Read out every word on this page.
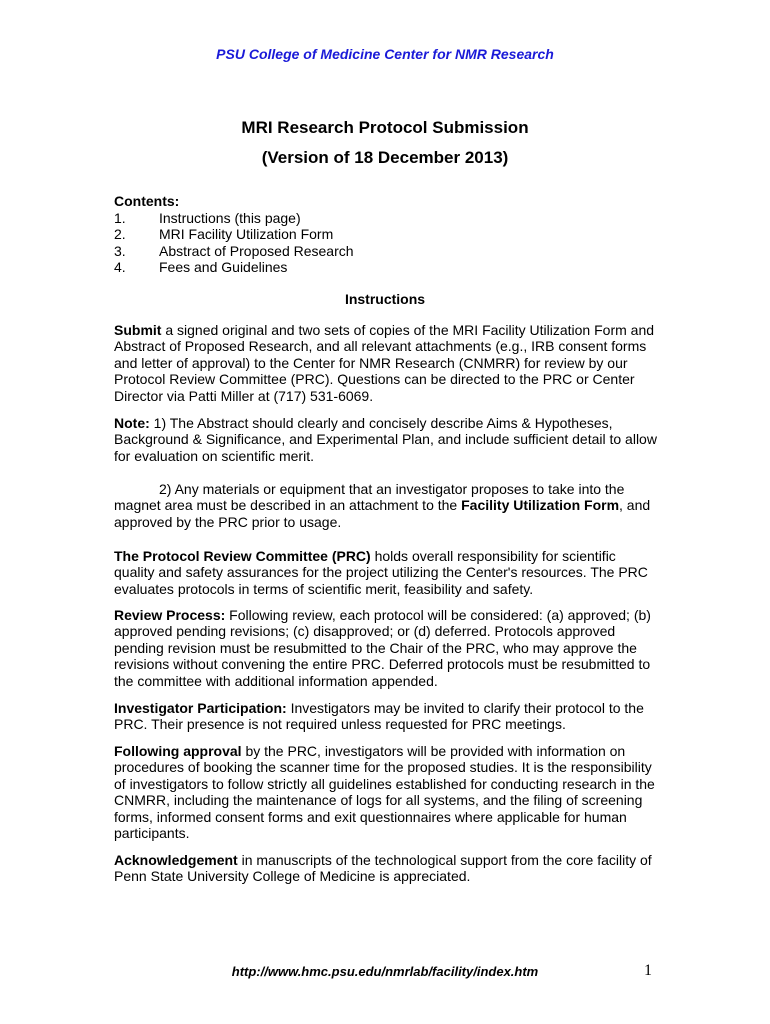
PSU College of Medicine Center for NMR Research
MRI Research Protocol Submission
(Version of 18 December 2013)
Contents:
1.	Instructions (this page)
2.	MRI Facility Utilization Form
3.	Abstract of Proposed Research
4.	Fees and Guidelines
Instructions

Submit a signed original and two sets of copies of the MRI Facility Utilization Form and Abstract of Proposed Research, and all relevant attachments (e.g., IRB consent forms and letter of approval) to the Center for NMR Research (CNMRR) for review by our Protocol Review Committee (PRC). Questions can be directed to the PRC or Center Director via Patti Miller at (717) 531-6069.

Note: 1) The Abstract should clearly and concisely describe Aims & Hypotheses, Background & Significance, and Experimental Plan, and include sufficient detail to allow for evaluation on scientific merit.

2) Any materials or equipment that an investigator proposes to take into the magnet area must be described in an attachment to the Facility Utilization Form, and approved by the PRC prior to usage.

The Protocol Review Committee (PRC) holds overall responsibility for scientific quality and safety assurances for the project utilizing the Center's resources. The PRC evaluates protocols in terms of scientific merit, feasibility and safety.

Review Process: Following review, each protocol will be considered: (a) approved; (b) approved pending revisions; (c) disapproved; or (d) deferred. Protocols approved pending revision must be resubmitted to the Chair of the PRC, who may approve the revisions without convening the entire PRC. Deferred protocols must be resubmitted to the committee with additional information appended.

Investigator Participation: Investigators may be invited to clarify their protocol to the PRC. Their presence is not required unless requested for PRC meetings.

Following approval by the PRC, investigators will be provided with information on procedures of booking the scanner time for the proposed studies. It is the responsibility of investigators to follow strictly all guidelines established for conducting research in the CNMRR, including the maintenance of logs for all systems, and the filing of screening forms, informed consent forms and exit questionnaires where applicable for human participants.

Acknowledgement in manuscripts of the technological support from the core facility of Penn State University College of Medicine is appreciated.

http://www.hmc.psu.edu/nmrlab/facility/index.htm	1
